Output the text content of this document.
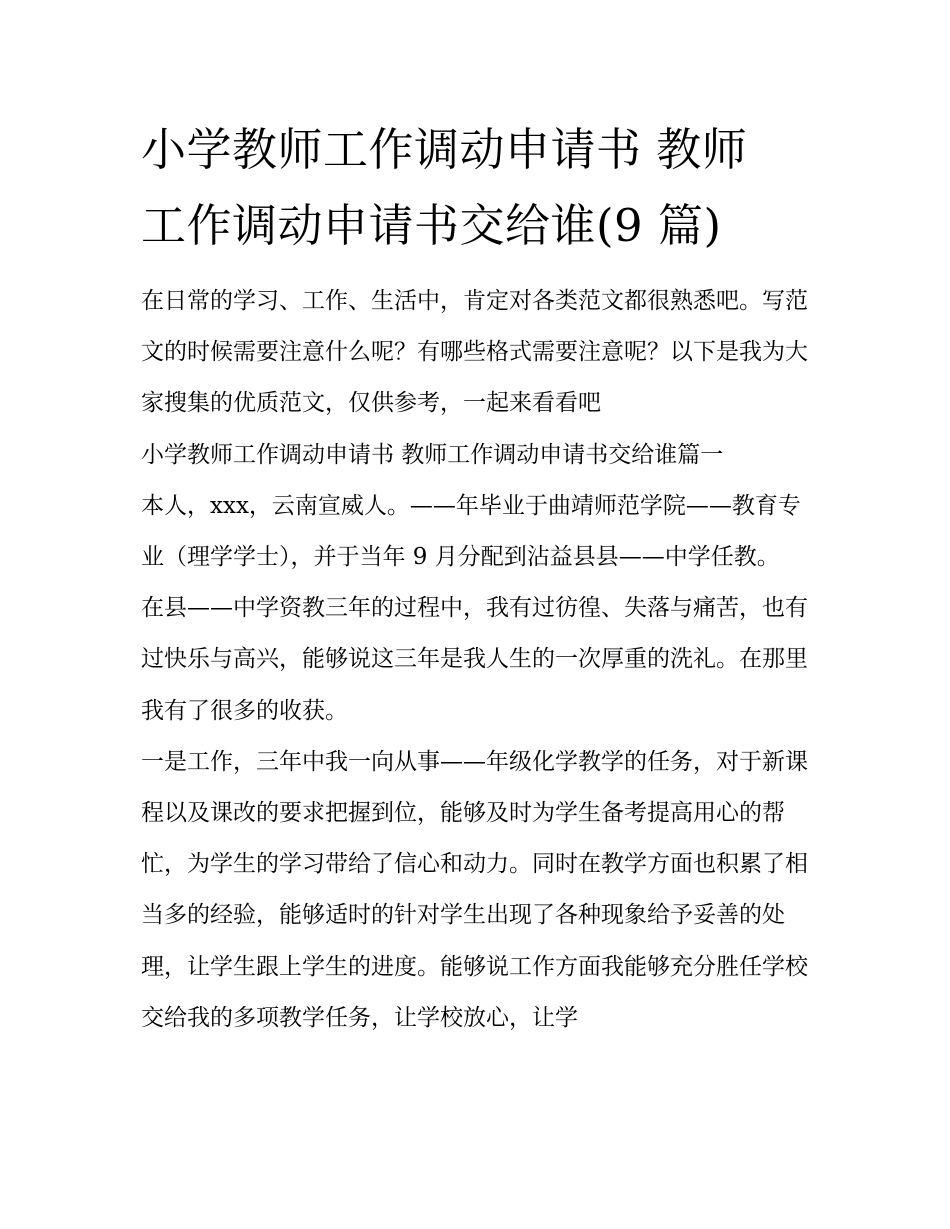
小学教师工作调动申请书 教师
工作调动申请书交给谁(9 篇)

在日常的学习、工作、生活中，肯定对各类范文都很熟悉吧。写范文的时候需要注意什么呢？有哪些格式需要注意呢？以下是我为大家搜集的优质范文，仅供参考，一起来看看吧

小学教师工作调动申请书 教师工作调动申请书交给谁篇一

本人，xxx，云南宣威人。——年毕业于曲靖师范学院——教育专业（理学学士），并于当年 9 月分配到沾益县县——中学任教。

在县——中学资教三年的过程中，我有过彷徨、失落与痛苦，也有过快乐与高兴，能够说这三年是我人生的一次厚重的洗礼。在那里我有了很多的收获。

一是工作，三年中我一向从事——年级化学教学的任务，对于新课程以及课改的要求把握到位，能够及时为学生备考提高用心的帮忙，为学生的学习带给了信心和动力。同时在教学方面也积累了相当多的经验，能够适时的针对学生出现了各种现象给予妥善的处理，让学生跟上学生的进度。能够说工作方面我能够充分胜任学校交给我的多项教学任务，让学校放心，让学
